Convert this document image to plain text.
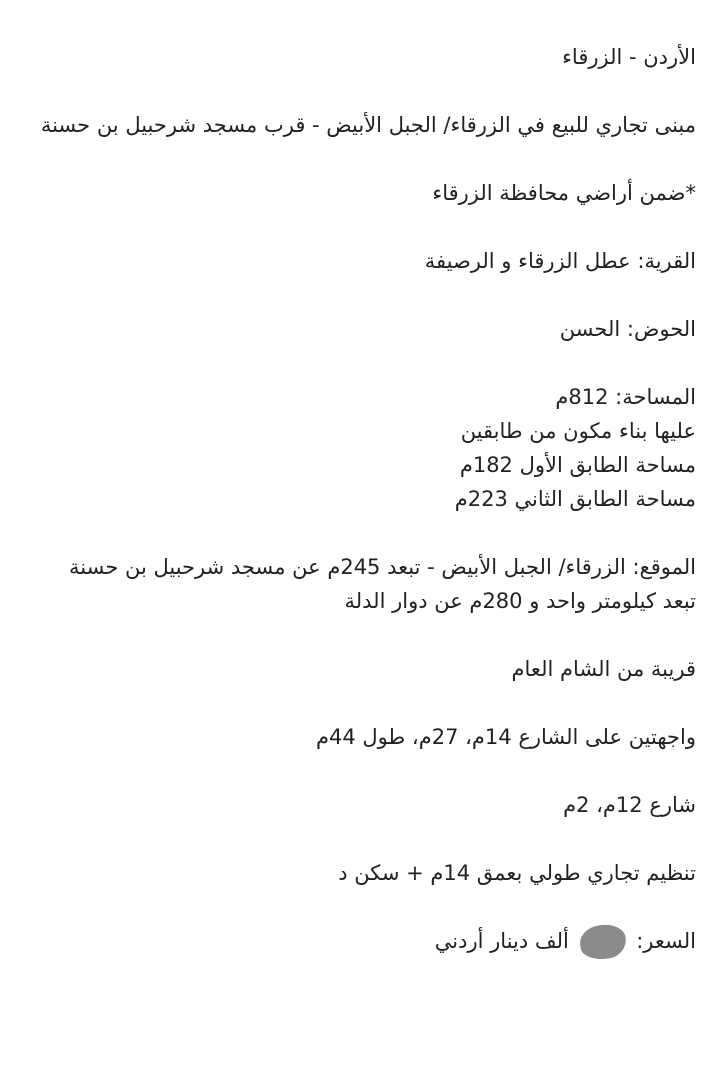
الأردن - الزرقاء

مبنى تجاري للبيع في الزرقاء/ الجبل الأبيض - قرب مسجد شرحبيل بن حسنة

*ضمن أراضي محافظة الزرقاء

القرية: عطل الزرقاء و الرصيفة

الحوض: الحسن

المساحة: 812م
عليها بناء مكون من طابقين
مساحة الطابق الأول 182م
مساحة الطابق الثاني 223م

الموقع: الزرقاء/ الجبل الأبيض - تبعد 245م عن مسجد شرحبيل بن حسنة
تبعد كيلومتر واحد و 280م عن دوار الدلة

قريبة من الشام العام

واجهتين على الشارع 14م، 27م، طول 44م

شارع 12م، 2م

تنظيم تجاري طولي بعمق 14م + سكن د

السعر:  ألف دينار أردني
